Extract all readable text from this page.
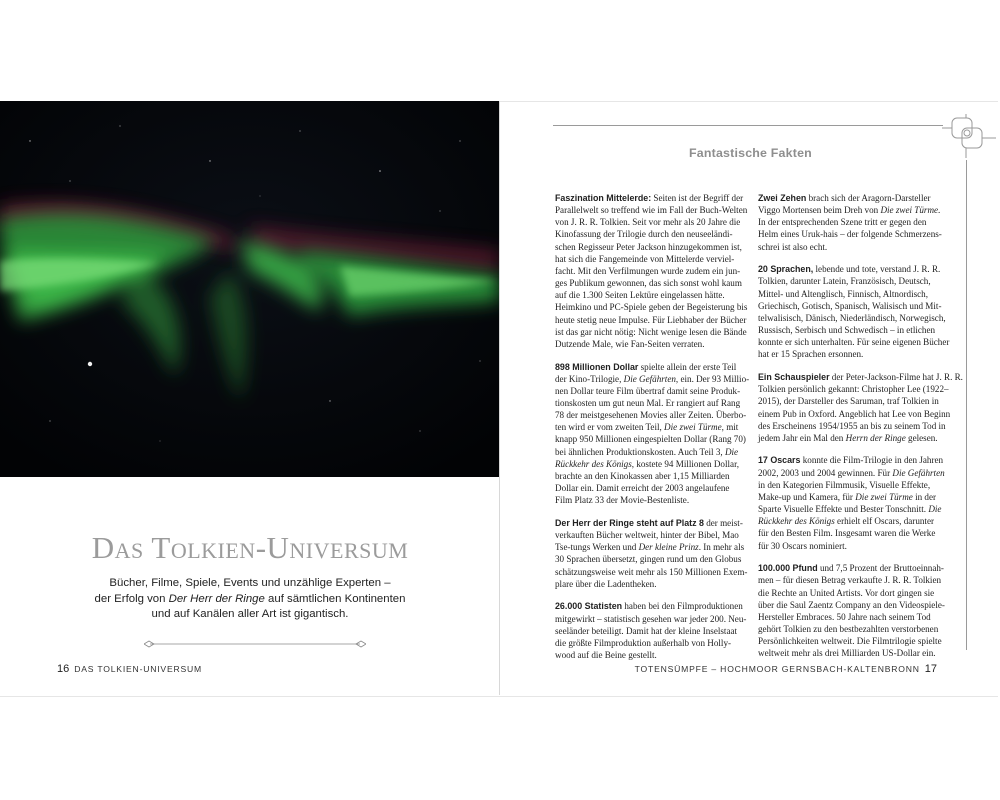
Das Tolkien-Universum
Bücher, Filme, Spiele, Events und unzählige Experten –
der Erfolg von Der Herr der Ringe auf sämtlichen Kontinenten
und auf Kanälen aller Art ist gigantisch.
16 DAS TOLKIEN-UNIVERSUM
Fantastische Fakten

Faszination Mittelerde: Seiten ist der Begriff der
Parallelwelt so treffend wie im Fall der Buch-Welten
von J. R. R. Tolkien. Seit vor mehr als 20 Jahre die
Kinofassung der Trilogie durch den neuseeländi-
schen Regisseur Peter Jackson hinzugekommen ist,
hat sich die Fangemeinde von Mittelerde verviel-
facht. Mit den Verfilmungen wurde zudem ein jun-
ges Publikum gewonnen, das sich sonst wohl kaum
auf die 1.300 Seiten Lektüre eingelassen hätte.
Heimkino und PC-Spiele geben der Begeisterung bis
heute stetig neue Impulse. Für Liebhaber der Bücher
ist das gar nicht nötig: Nicht wenige lesen die Bände
Dutzende Male, wie Fan-Seiten verraten.

898 Millionen Dollar spielte allein der erste Teil
der Kino-Trilogie, Die Gefährten, ein. Der 93 Millio-
nen Dollar teure Film übertraf damit seine Produk-
tionskosten um gut neun Mal. Er rangiert auf Rang
78 der meistgesehenen Movies aller Zeiten. Überbo-
ten wird er vom zweiten Teil, Die zwei Türme, mit
knapp 950 Millionen eingespielten Dollar (Rang 70)
bei ähnlichen Produktionskosten. Auch Teil 3, Die
Rückkehr des Königs, kostete 94 Millionen Dollar,
brachte an den Kinokassen aber 1,15 Milliarden
Dollar ein. Damit erreicht der 2003 angelaufene
Film Platz 33 der Movie-Bestenliste.

Der Herr der Ringe steht auf Platz 8 der meist-
verkauften Bücher weltweit, hinter der Bibel, Mao
Tse-tungs Werken und Der kleine Prinz. In mehr als
30 Sprachen übersetzt, gingen rund um den Globus
schätzungsweise weit mehr als 150 Millionen Exem-
plare über die Ladentheken.

26.000 Statisten haben bei den Filmproduktionen
mitgewirkt – statistisch gesehen war jeder 200. Neu-
seeländer beteiligt. Damit hat der kleine Inselstaat
die größte Filmproduktion außerhalb von Holly-
wood auf die Beine gestellt.

Zwei Zehen brach sich der Aragorn-Darsteller
Viggo Mortensen beim Dreh von Die zwei Türme.
In der entsprechenden Szene tritt er gegen den
Helm eines Uruk-hais – der folgende Schmerzens-
schrei ist also echt.

20 Sprachen, lebende und tote, verstand J. R. R.
Tolkien, darunter Latein, Französisch, Deutsch,
Mittel- und Altenglisch, Finnisch, Altnordisch,
Griechisch, Gotisch, Spanisch, Walisisch und Mit-
telwalisisch, Dänisch, Niederländisch, Norwegisch,
Russisch, Serbisch und Schwedisch – in etlichen
konnte er sich unterhalten. Für seine eigenen Bücher
hat er 15 Sprachen ersonnen.

Ein Schauspieler der Peter-Jackson-Filme hat J. R. R.
Tolkien persönlich gekannt: Christopher Lee (1922–
2015), der Darsteller des Saruman, traf Tolkien in
einem Pub in Oxford. Angeblich hat Lee von Beginn
des Erscheinens 1954/1955 an bis zu seinem Tod in
jedem Jahr ein Mal den Herrn der Ringe gelesen.

17 Oscars konnte die Film-Trilogie in den Jahren
2002, 2003 und 2004 gewinnen. Für Die Gefährten
in den Kategorien Filmmusik, Visuelle Effekte,
Make-up und Kamera, für Die zwei Türme in der
Sparte Visuelle Effekte und Bester Tonschnitt. Die
Rückkehr des Königs erhielt elf Oscars, darunter
für den Besten Film. Insgesamt waren die Werke
für 30 Oscars nominiert.

100.000 Pfund und 7,5 Prozent der Bruttoeinnah-
men – für diesen Betrag verkaufte J. R. R. Tolkien
die Rechte an United Artists. Vor dort gingen sie
über die Saul Zaentz Company an den Videospiele-
Hersteller Embraces. 50 Jahre nach seinem Tod
gehört Tolkien zu den bestbezahlten verstorbenen
Persönlichkeiten weltweit. Die Filmtrilogie spielte
weltweit mehr als drei Milliarden US-Dollar ein.

TOTENSÜMPFE – HOCHMOOR GERNSBACH-KALTENBRONN 17
